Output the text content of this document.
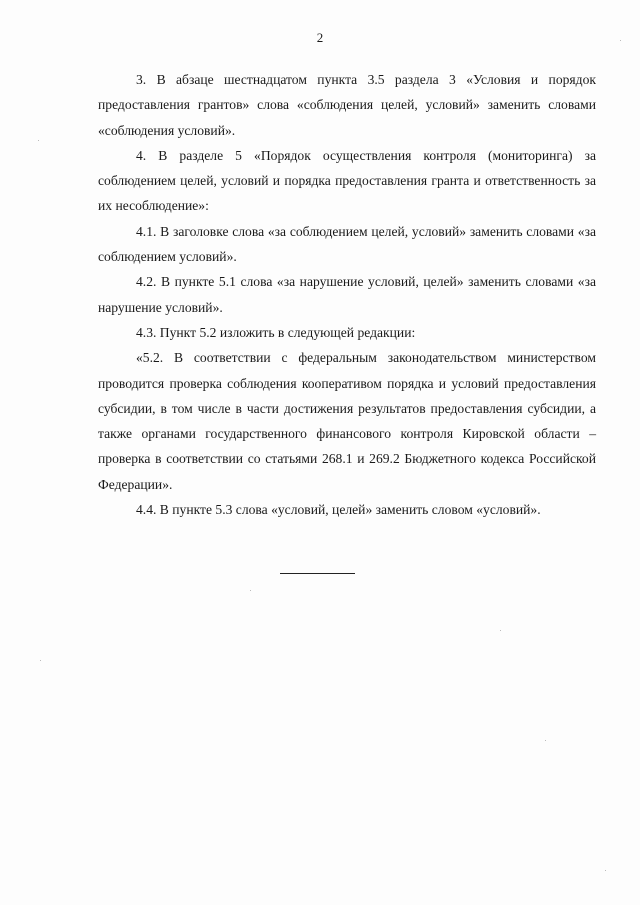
2

3. В абзаце шестнадцатом пункта 3.5 раздела 3 «Условия и порядок предоставления грантов» слова «соблюдения целей, условий» заменить словами «соблюдения условий».

4. В разделе 5 «Порядок осуществления контроля (мониторинга) за соблюдением целей, условий и порядка предоставления гранта и ответственность за их несоблюдение»:

4.1. В заголовке слова «за соблюдением целей, условий» заменить словами «за соблюдением условий».

4.2. В пункте 5.1 слова «за нарушение условий, целей» заменить словами «за нарушение условий».

4.3. Пункт 5.2 изложить в следующей редакции:

«5.2. В соответствии с федеральным законодательством министерством проводится проверка соблюдения кооперативом порядка и условий предоставления субсидии, в том числе в части достижения результатов предоставления субсидии, а также органами государственного финансового контроля Кировской области – проверка в соответствии со статьями 268.1 и 269.2 Бюджетного кодекса Российской Федерации».

4.4. В пункте 5.3 слова «условий, целей» заменить словом «условий».
